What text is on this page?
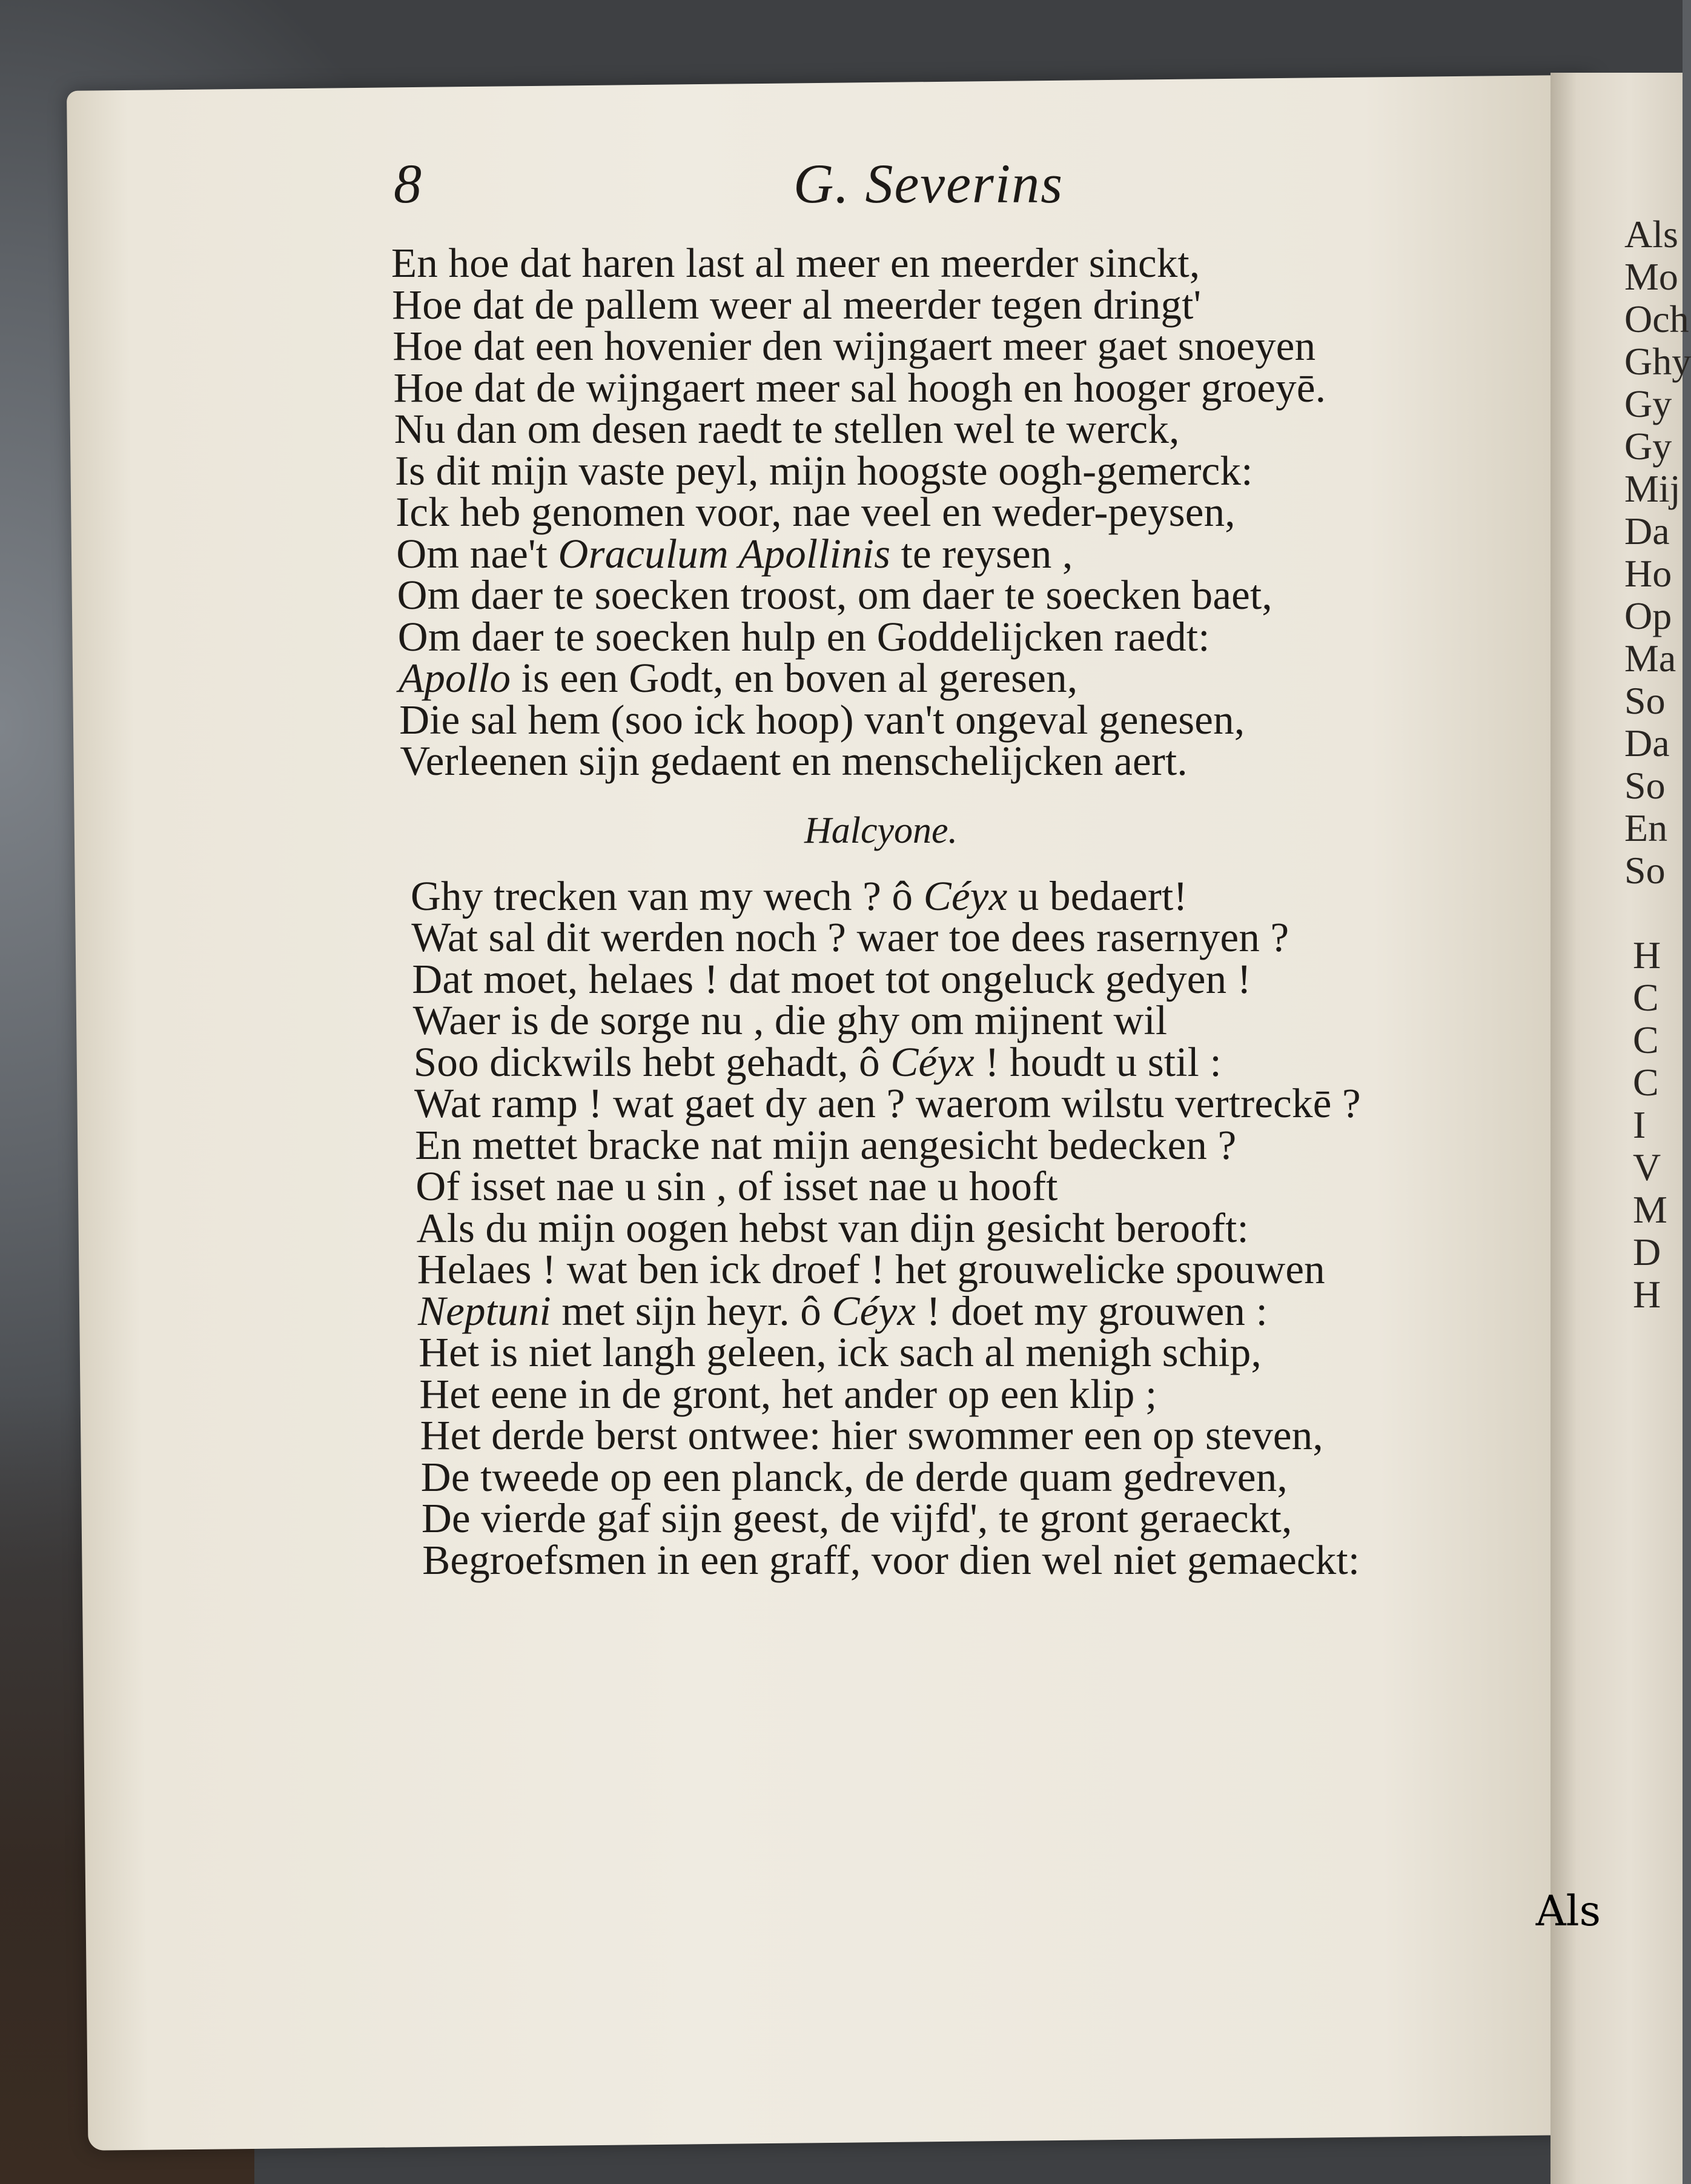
Als
Mo
Och
Ghy
Gy
Gy
Mij
Da
Ho
Op
Ma
So
Da
So
En
So
H
C
C
C
I
V
M
D
H
8	G. Severins
En hoe dat haren last al meer en meerder sinckt,
Hoe dat de pallem weer al meerder tegen dringt'
Hoe dat een hovenier den wijngaert meer gaet snoeyen
Hoe dat de wijngaert meer sal hoogh en hooger groeyē.
Nu dan om desen raedt te stellen wel te werck,
Is dit mijn vaste peyl, mijn hoogste oogh-gemerck:
Ick heb genomen voor, nae veel en weder-peysen,
Om nae't Oraculum Apollinis te reysen ,
Om daer te soecken troost, om daer te soecken baet,
Om daer te soecken hulp en Goddelijcken raedt:
Apollo is een Godt, en boven al geresen,
Die sal hem (soo ick hoop) van't ongeval genesen,
Verleenen sijn gedaent en menschelijcken aert.
Halcyone.
Ghy trecken van my wech ? ô Céyx u bedaert!
Wat sal dit werden noch ? waer toe dees rasernyen ?
Dat moet, helaes ! dat moet tot ongeluck gedyen !
Waer is de sorge nu , die ghy om mijnent wil
Soo dickwils hebt gehadt, ô Céyx ! houdt u stil :
Wat ramp ! wat gaet dy aen ? waerom wilstu vertreckē ?
En mettet bracke nat mijn aengesicht bedecken ?
Of isset nae u sin , of isset nae u hooft
Als du mijn oogen hebst van dijn gesicht berooft:
Helaes ! wat ben ick droef ! het grouwelicke spouwen
Neptuni met sijn heyr. ô Céyx ! doet my grouwen :
Het is niet langh geleen, ick sach al menigh schip,
Het eene in de gront, het ander op een klip ;
Het derde berst ontwee: hier swommer een op steven,
De tweede op een planck, de derde quam gedreven,
De vierde gaf sijn geest, de vijfd', te gront geraeckt,
Begroefsmen in een graff, voor dien wel niet gemaeckt:
Als
